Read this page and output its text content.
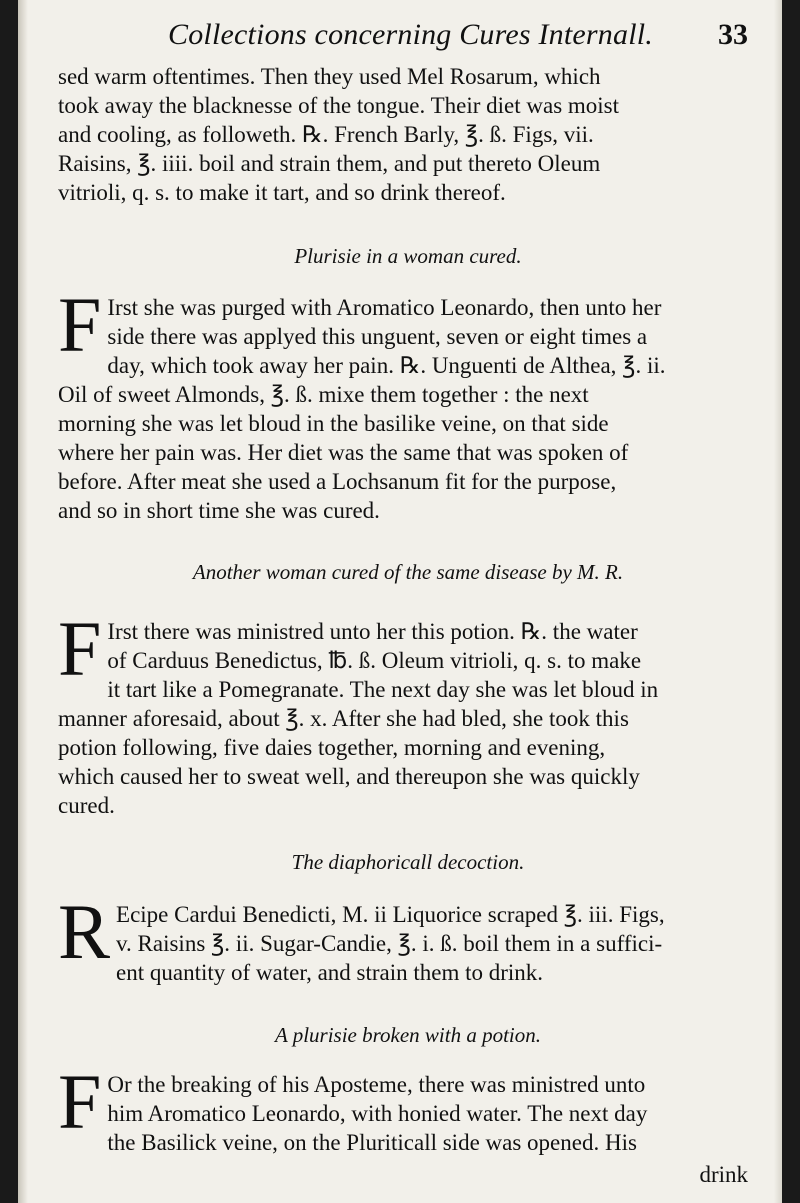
Collections concerning Cures Internall. 33
sed warm oftentimes. Then they used Mel Rosarum, which
took away the blacknesse of the tongue. Their diet was moist
and cooling, as followeth. ℞. French Barly, ℥. ß. Figs, vii.
Raisins, ℥. iiii. boil and strain them, and put thereto Oleum
vitrioli, q. s. to make it tart, and so drink thereof.
Plurisie in a woman cured.
F Irst she was purged with Aromatico Leonardo, then unto her
side there was applyed this unguent, seven or eight times a
day, which took away her pain. ℞. Unguenti de Althea, ℥. ii.
Oil of sweet Almonds, ℥. ß. mixe them together : the next
morning she was let bloud in the basilike veine, on that side
where her pain was. Her diet was the same that was spoken of
before. After meat she used a Lochsanum fit for the purpose,
and so in short time she was cured.
Another woman cured of the same disease by M. R.
F Irst there was ministred unto her this potion. ℞. the water
of Carduus Benedictus, ℔. ß. Oleum vitrioli, q. s. to make
it tart like a Pomegranate. The next day she was let bloud in
manner aforesaid, about ℥. x. After she had bled, she took this
potion following, five daies together, morning and evening,
which caused her to sweat well, and thereupon she was quickly
cured.
The diaphoricall decoction.
R Ecipe Cardui Benedicti, M. ii Liquorice scraped ℥. iii. Figs,
v. Raisins ℥. ii. Sugar-Candie, ℥. i. ß. boil them in a suffici-
ent quantity of water, and strain them to drink.
A plurisie broken with a potion.
F Or the breaking of his Aposteme, there was ministred unto
him Aromatico Leonardo, with honied water. The next day
the Basilick veine, on the Pluriticall side was opened. His
drink
